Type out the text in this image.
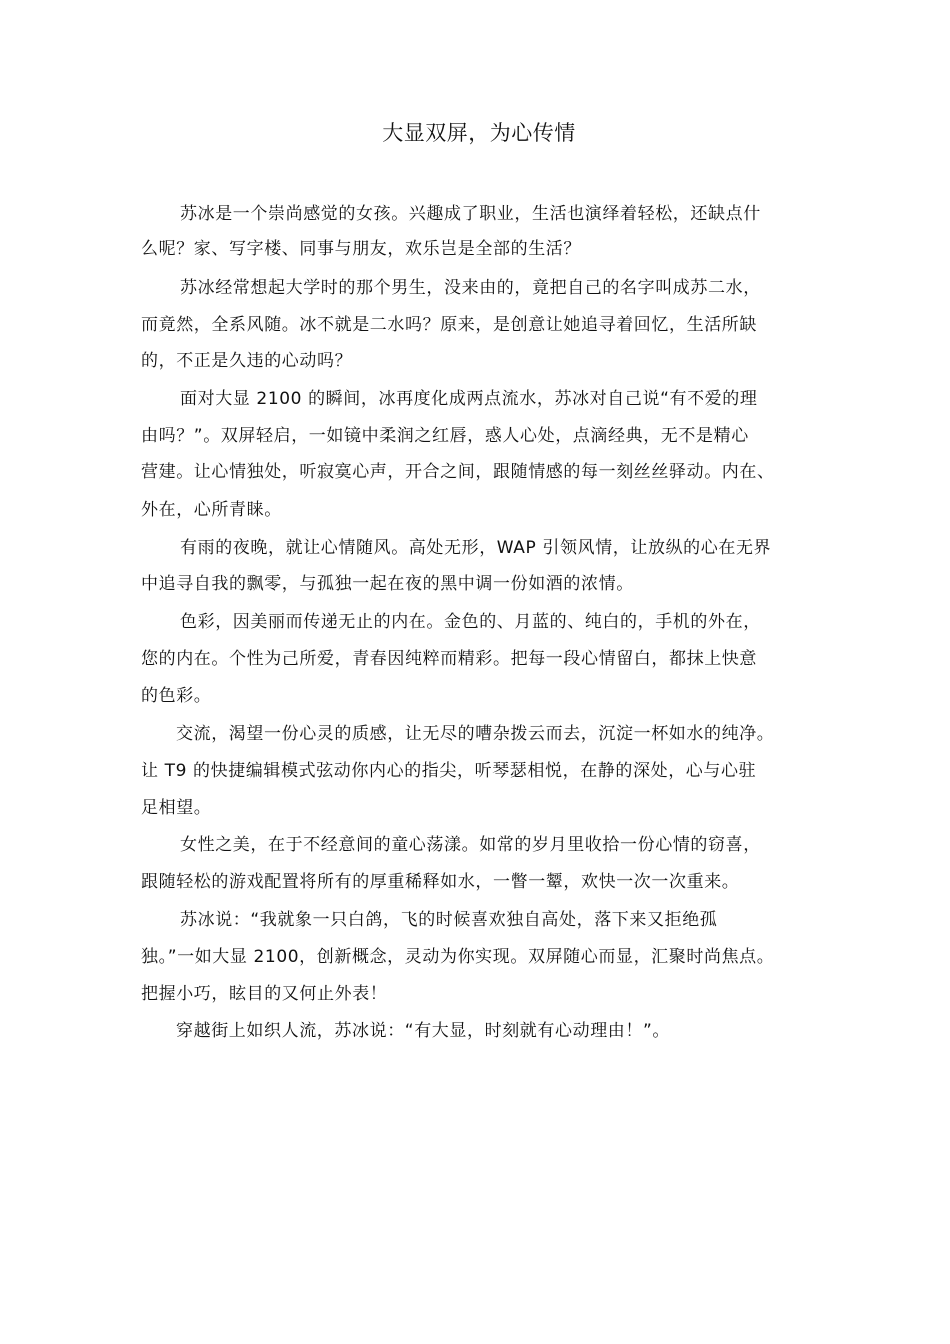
大显双屏，为心传情

苏冰是一个崇尚感觉的女孩。兴趣成了职业，生活也演绎着轻松，还缺点什

么呢？家、写字楼、同事与朋友，欢乐岂是全部的生活？

苏冰经常想起大学时的那个男生，没来由的，竟把自己的名字叫成苏二水，

而竟然，全系风随。冰不就是二水吗？原来，是创意让她追寻着回忆，生活所缺

的，不正是久违的心动吗？

面对大显 2100 的瞬间，冰再度化成两点流水，苏冰对自己说“有不爱的理

由吗？”。双屏轻启，一如镜中柔润之红唇，惑人心处，点滴经典，无不是精心

营建。让心情独处，听寂寞心声，开合之间，跟随情感的每一刻丝丝驿动。内在、

外在，心所青睐。

有雨的夜晚，就让心情随风。高处无形，WAP 引领风情，让放纵的心在无界

中追寻自我的飘零，与孤独一起在夜的黑中调一份如酒的浓情。

色彩，因美丽而传递无止的内在。金色的、月蓝的、纯白的，手机的外在，

您的内在。个性为己所爱，青春因纯粹而精彩。把每一段心情留白，都抹上快意

的色彩。

交流，渴望一份心灵的质感，让无尽的嘈杂拨云而去，沉淀一杯如水的纯净。

让 T9 的快捷编辑模式弦动你内心的指尖，听琴瑟相悦，在静的深处，心与心驻

足相望。

女性之美，在于不经意间的童心荡漾。如常的岁月里收拾一份心情的窃喜，

跟随轻松的游戏配置将所有的厚重稀释如水，一瞥一颦，欢快一次一次重来。

苏冰说：“我就象一只白鸽，飞的时候喜欢独自高处，落下来又拒绝孤

独。”一如大显 2100，创新概念，灵动为你实现。双屏随心而显，汇聚时尚焦点。

把握小巧，眩目的又何止外表！

穿越街上如织人流，苏冰说：“有大显，时刻就有心动理由！”。
